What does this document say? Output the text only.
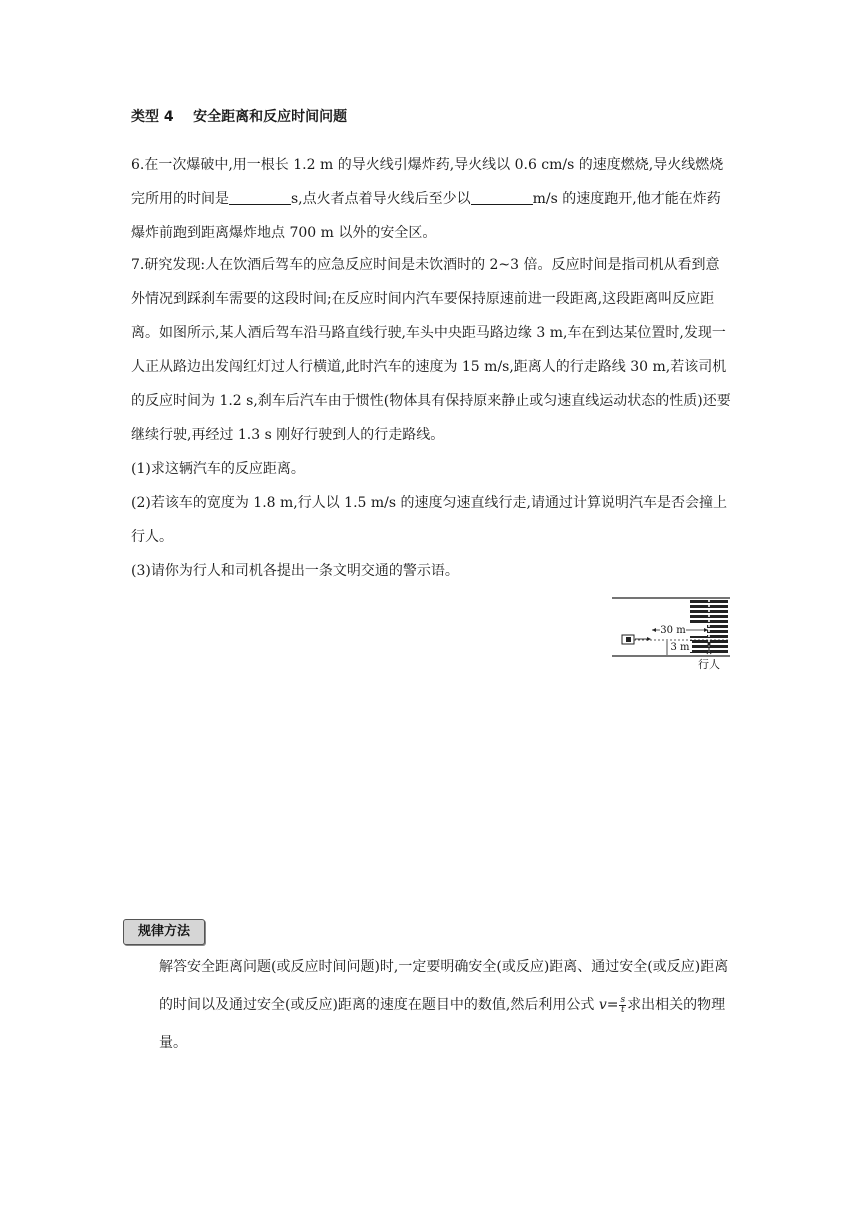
类型 4    安全距离和反应时间问题

6.在一次爆破中,用一根长 1.2 m 的导火线引爆炸药,导火线以 0.6 cm/s 的速度燃烧,导火线燃烧完所用的时间是	s,点火者点着导火线后至少以	m/s 的速度跑开,他才能在炸药爆炸前跑到距离爆炸地点 700 m 以外的安全区。

7.研究发现:人在饮酒后驾车的应急反应时间是未饮酒时的 2~3 倍。反应时间是指司机从看到意外情况到踩刹车需要的这段时间;在反应时间内汽车要保持原速前进一段距离,这段距离叫反应距离。如图所示,某人酒后驾车沿马路直线行驶,车头中央距马路边缘 3 m,车在到达某位置时,发现一人正从路边出发闯红灯过人行横道,此时汽车的速度为 15 m/s,距离人的行走路线 30 m,若该司机的反应时间为 1.2 s,刹车后汽车由于惯性(物体具有保持原来静止或匀速直线运动状态的性质)还要继续行驶,再经过 1.3 s 刚好行驶到人的行走路线。

(1)求这辆汽车的反应距离。

(2)若该车的宽度为 1.8 m,行人以 1.5 m/s 的速度匀速直线行走,请通过计算说明汽车是否会撞上行人。

(3)请你为行人和司机各提出一条文明交通的警示语。

30 m
3 m
行人
规律方法

解答安全距离问题(或反应时间问题)时,一定要明确安全(或反应)距离、通过安全(或反应)距离的时间以及通过安全(或反应)距离的速度在题目中的数值,然后利用公式 $v= \frac{s}{t}$ 求出相关的物理量。
